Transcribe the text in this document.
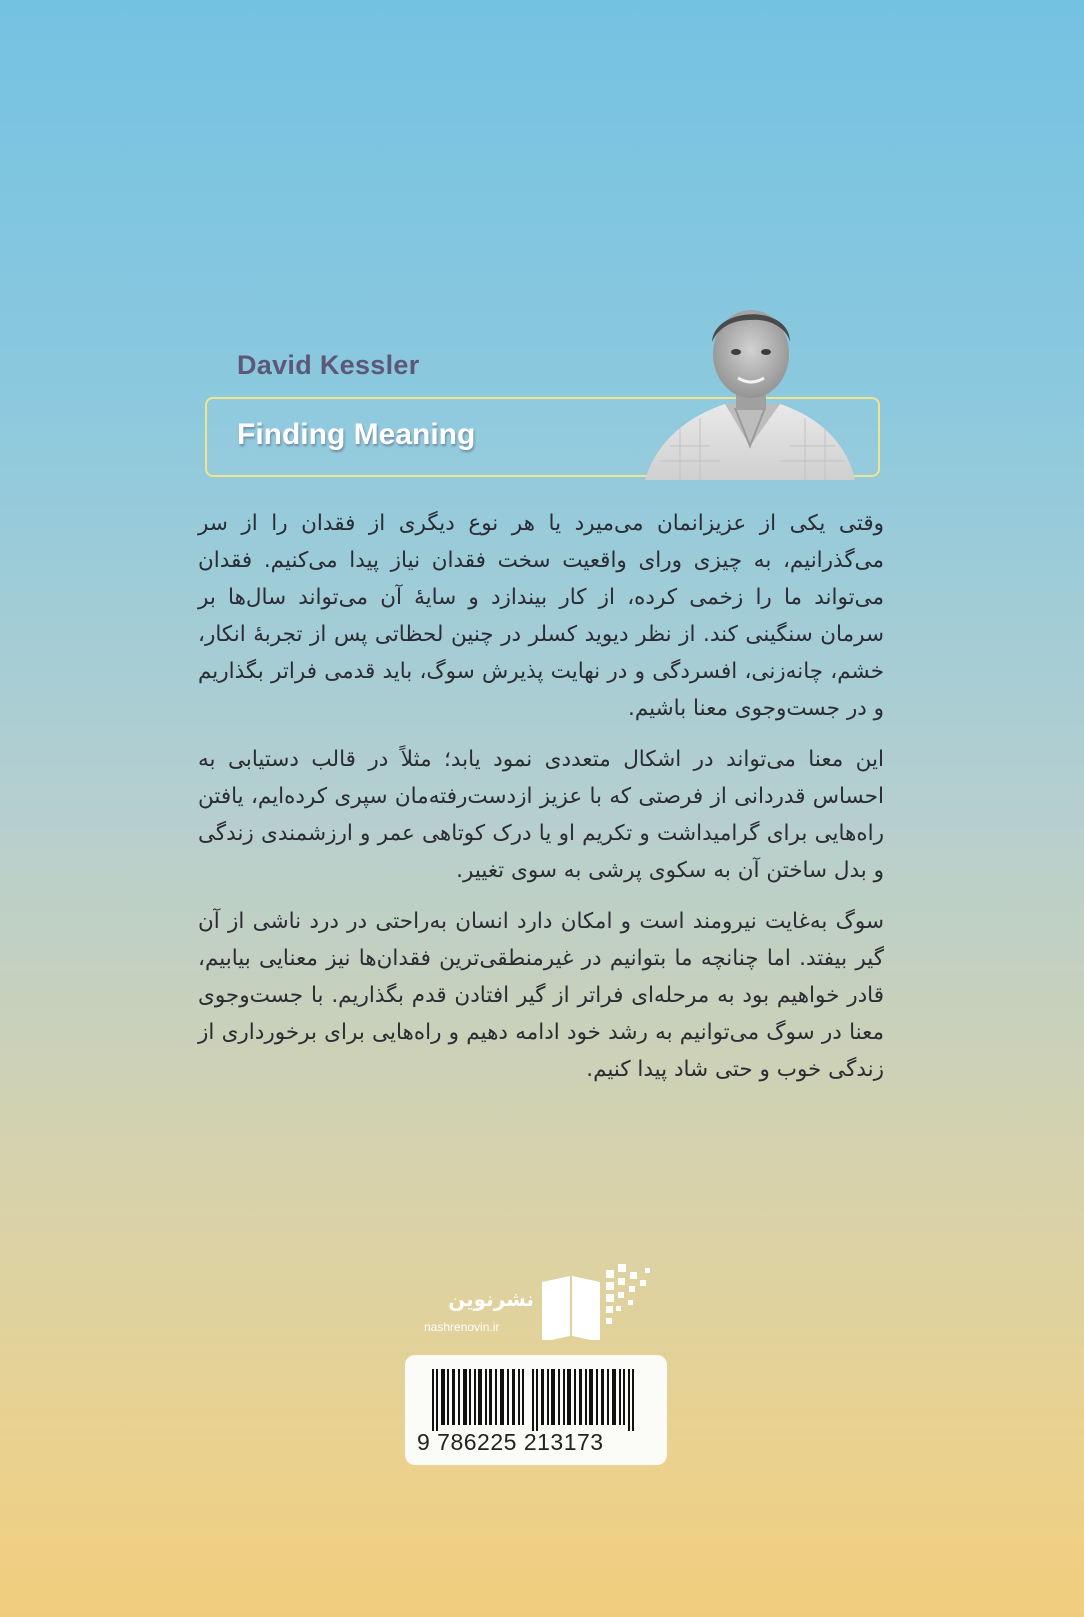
David Kessler
Finding Meaning

وقتی یکی از عزیزانمان می‌میرد یا هر نوع دیگری از فقدان را از سر می‌گذرانیم، به چیزی ورای واقعیت سخت فقدان نیاز پیدا می‌کنیم. فقدان می‌تواند ما را زخمی کرده، از کار بیندازد و سایهٔ آن می‌تواند سال‌ها بر سرمان سنگینی کند. از نظر دیوید کسلر در چنین لحظاتی پس از تجربهٔ انکار، خشم، چانه‌زنی، افسردگی و در نهایت پذیرش سوگ، باید قدمی فراتر بگذاریم و در جست‌وجوی معنا باشیم.

این معنا می‌تواند در اشکال متعددی نمود یابد؛ مثلاً در قالب دستیابی به احساس قدردانی از فرصتی که با عزیز ازدست‌رفته‌مان سپری کرده‌ایم، یافتن راه‌هایی برای گرامیداشت و تکریم او یا درک کوتاهی عمر و ارزشمندی زندگی و بدل ساختن آن به سکوی پرشی به سوی تغییر.

سوگ به‌غایت نیرومند است و امکان دارد انسان به‌راحتی در درد ناشی از آن گیر بیفتد. اما چنانچه ما بتوانیم در غیرمنطقی‌ترین فقدان‌ها نیز معنایی بیابیم، قادر خواهیم بود به مرحله‌ای فراتر از گیر افتادن قدم بگذاریم. با جست‌وجوی معنا در سوگ می‌توانیم به رشد خود ادامه دهیم و راه‌هایی برای برخورداری از زندگی خوب و حتی شاد پیدا کنیم.

نشرنوین
nashrenovin.ir
9 786225 213173
